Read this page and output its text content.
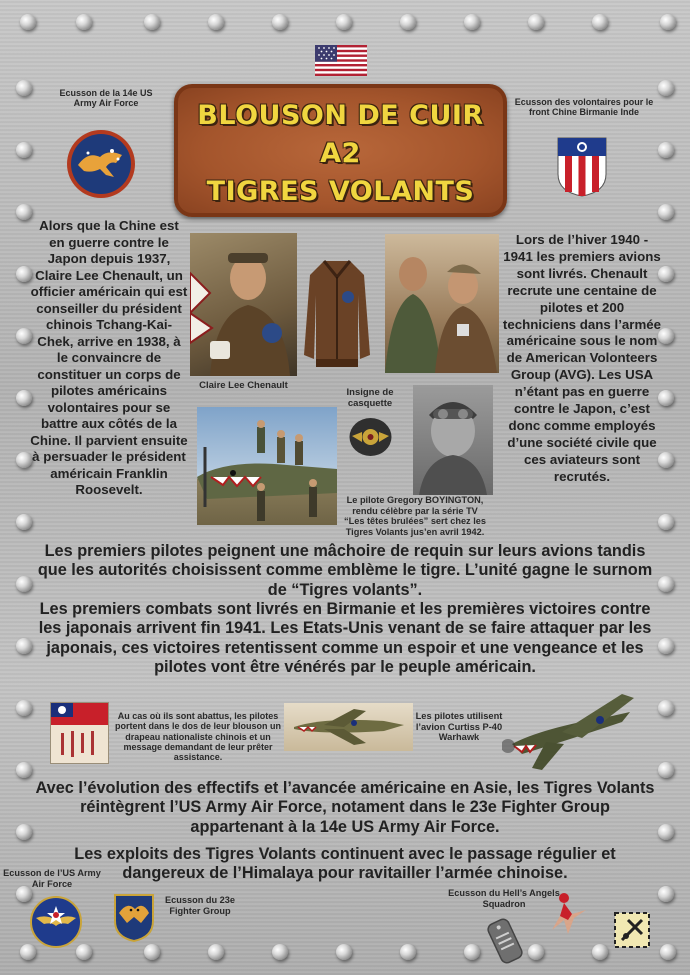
BLOUSON DE CUIR
A2
TIGRES VOLANTS
Ecusson de la 14e US Army Air Force	Ecusson des volontaires pour le front Chine Birmanie Inde
Alors que la Chine est en guerre contre le Japon depuis 1937, Claire Lee Chenault, un officier américain qui est conseiller du président chinois Tchang-Kai-Chek, arrive en 1938, à le convaincre de constituer un corps de pilotes américains volontaires pour se battre aux côtés de la Chine. Il parvient ensuite à persuader le président américain Franklin Roosevelt.
Lors de l’hiver 1940 - 1941 les premiers avions sont livrés. Chenault recrute une centaine de pilotes et 200 techniciens dans l’armée américaine sous le nom de American Volonteers Group (AVG). Les USA n’étant pas en guerre contre le Japon, c’est donc comme employés d’une société civile que ces aviateurs sont recrutés.
Claire Lee Chenault
Insigne de casquette
Le pilote Gregory BOYINGTON, rendu célèbre par la série TV “Les têtes brulées” sert chez les Tigres Volants jus’en avril 1942.
Les premiers pilotes peignent une mâchoire de requin sur leurs avions tandis que les autorités choisissent comme emblème le tigre. L’unité gagne le surnom de “Tigres volants”.
Les premiers combats sont livrés en Birmanie et les premières victoires contre les japonais arrivent fin 1941. Les Etats-Unis venant de se faire attaquer par les japonais, ces victoires retentissent comme un espoir et une vengeance et les pilotes vont être vénérés par le peuple américain.
Au cas où ils sont abattus, les pilotes portent dans le dos de leur blouson un drapeau nationaliste chinois et un message demandant de leur prêter assistance.
Les pilotes utilisent l’avion Curtiss P-40 Warhawk
Avec l’évolution des effectifs et l’avancée américaine en Asie, les Tigres Volants réintègrent l’US Army Air Force, notament dans le 23e Fighter Group appartenant à la 14e US Army Air Force.
Les exploits des Tigres Volants continuent avec le passage régulier et dangereux de l’Himalaya pour ravitailler l’armée chinoise.
Ecusson de l’US Army Air Force
Ecusson du 23e Fighter Group
Ecusson du Hell’s Angels Squadron
